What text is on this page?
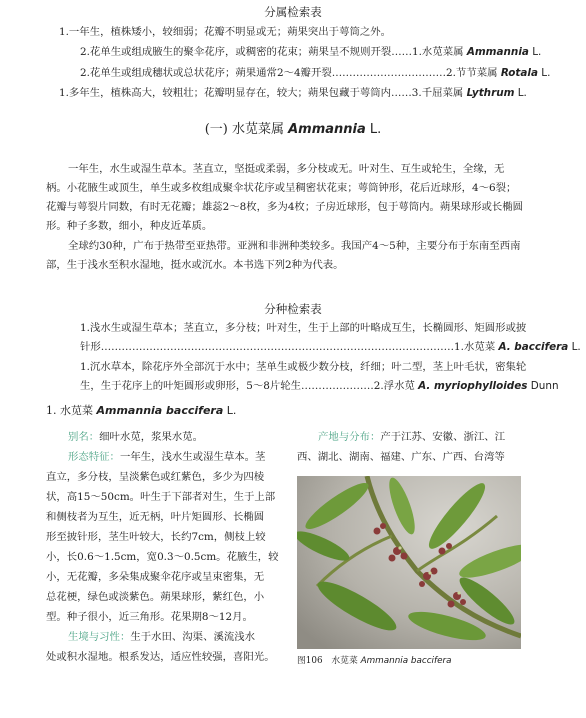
分属检索表
1.一年生，植株矮小，较细弱；花瓣不明显或无；蒴果突出于萼筒之外。
2.花单生或组成腋生的聚伞花序，或稠密的花束；蒴果呈不规则开裂……1.水苋菜属 Ammannia L.
2.花单生或组成穗状或总状花序；蒴果通常2～4瓣开裂……………………………2.节节菜属 Rotala L.
1.多年生，植株高大，较粗壮；花瓣明显存在，较大；蒴果包藏于萼筒内……3.千屈菜属 Lythrum L.
(一) 水苋菜属 Ammannia L.
一年生，水生或湿生草本。茎直立，坚挺或柔弱，多分枝或无。叶对生、互生或轮生，全缘，无
柄。小花腋生或顶生，单生或多枚组成聚伞状花序或呈稠密状花束；萼筒钟形，花后近球形，4～6裂；
花瓣与萼裂片同数，有时无花瓣；雄蕊2～8枚，多为4枚；子房近球形，包于萼筒内。蒴果球形或长椭圆
形。种子多数，细小，种皮近革质。
全球约30种，广布于热带至亚热带。亚洲和非洲种类较多。我国产4～5种，主要分布于东南至西南
部，生于浅水至积水湿地，挺水或沉水。本书选下列2种为代表。
分种检索表
1.浅水生或湿生草本；茎直立，多分枝；叶对生，生于上部的叶略成互生，长椭圆形、矩圆形或披
针形…………………………………………………………………………………………1.水苋菜 A. baccifera L.
1.沉水草本，除花序外全部沉于水中；茎单生或极少数分枝，纤细；叶二型，茎上叶毛状，密集轮
生，生于花序上的叶矩圆形或卵形，5～8片轮生…………………2.浮水苋 A. myriophylloides Dunn
1. 水苋菜 Ammannia baccifera L.
别名：细叶水苋，浆果水苋。
形态特征：一年生，浅水生或湿生草本。茎
直立，多分枝，呈淡紫色或红紫色，多少为四棱
状，高15～50cm。叶生于下部者对生，生于上部
和侧枝者为互生，近无柄，叶片矩圆形、长椭圆
形至披针形，茎生叶较大，长约7cm，侧枝上较
小，长0.6～1.5cm，宽0.3～0.5cm。花腋生，较
小，无花瓣，多朵集成聚伞花序或呈束密集，无
总花梗，绿色或淡紫色。蒴果球形，紫红色，小
型。种子很小，近三角形。花果期8～12月。
生境与习性：生于水田、沟渠、溪流浅水
处或积水湿地。根系发达，适应性较强，喜阳光。
产地与分布：产于江苏、安徽、浙江、江
西、湖北、湖南、福建、广东、广西、台湾等
图106　水苋菜 Ammannia baccifera
